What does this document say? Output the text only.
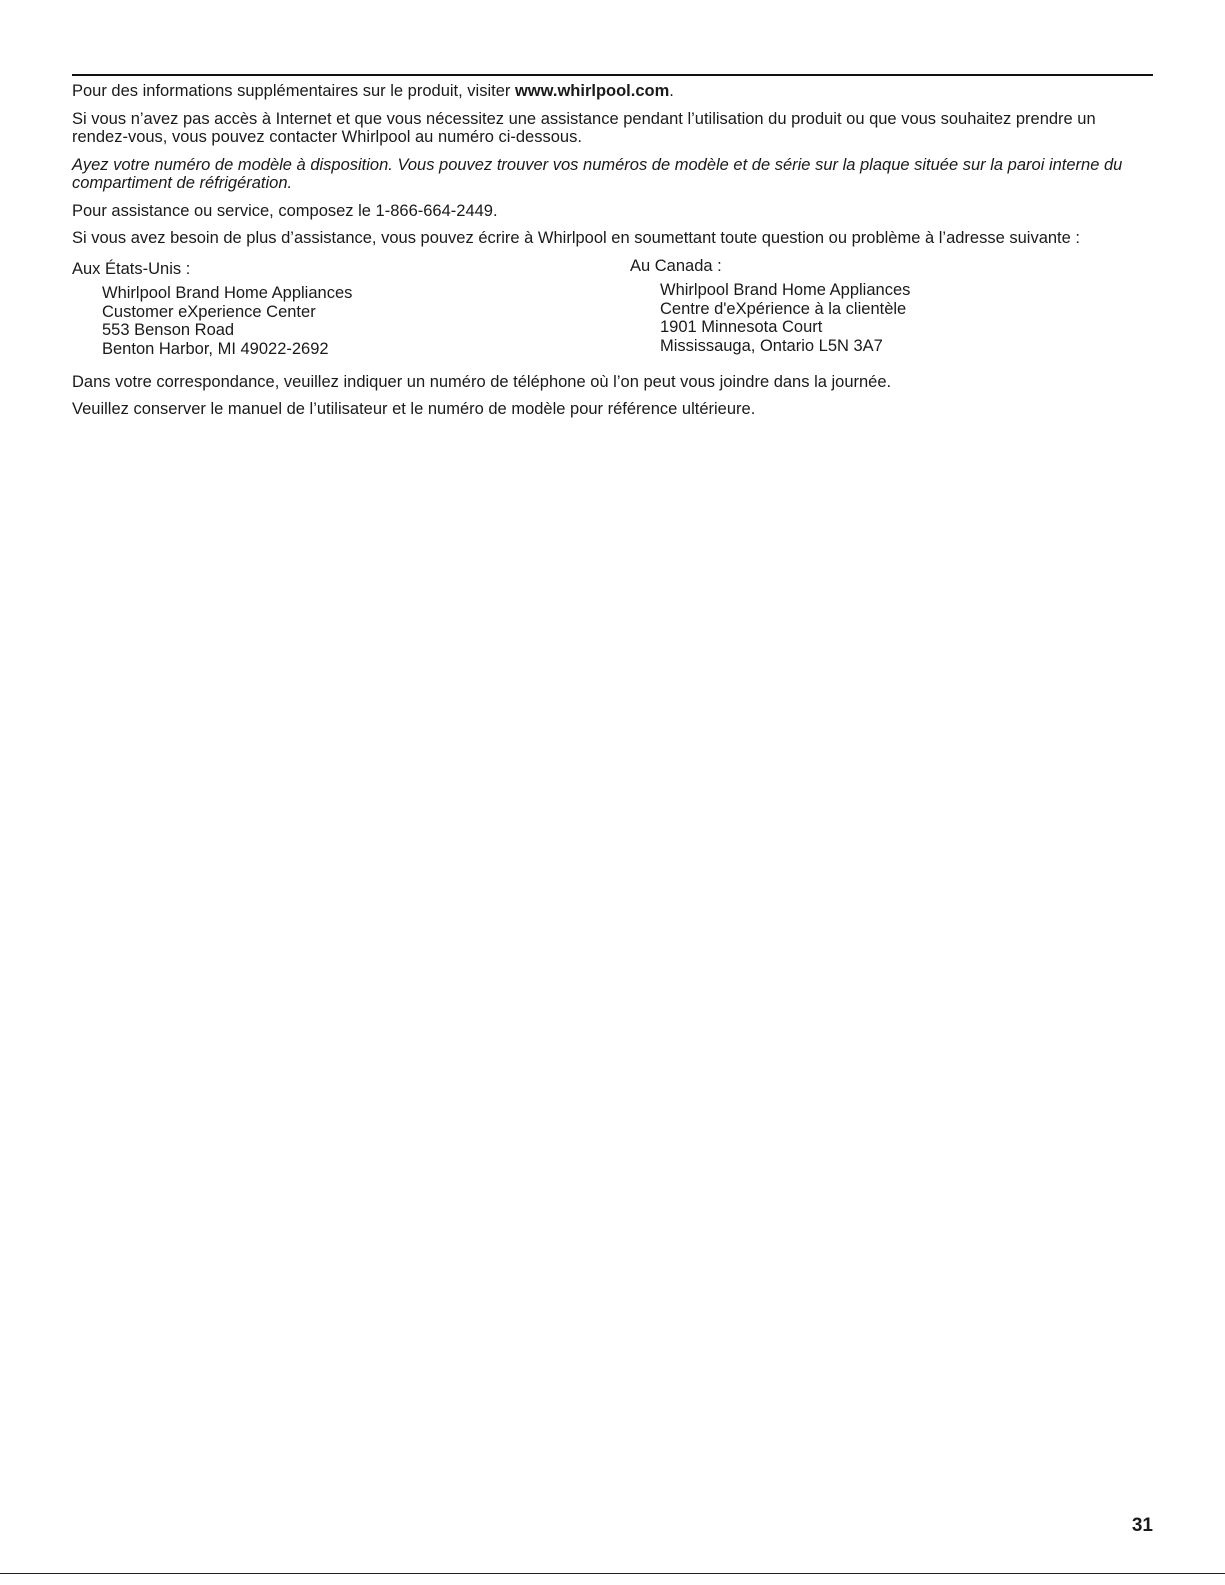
Pour des informations supplémentaires sur le produit, visiter www.whirlpool.com.

Si vous n’avez pas accès à Internet et que vous nécessitez une assistance pendant l’utilisation du produit ou que vous souhaitez prendre un rendez-vous, vous pouvez contacter Whirlpool au numéro ci-dessous.

Ayez votre numéro de modèle à disposition. Vous pouvez trouver vos numéros de modèle et de série sur la plaque située sur la paroi interne du compartiment de réfrigération.

Pour assistance ou service, composez le 1-866-664-2449.

Si vous avez besoin de plus d’assistance, vous pouvez écrire à Whirlpool en soumettant toute question ou problème à l’adresse suivante :

Aux États-Unis :

Whirlpool Brand Home Appliances
Customer eXperience Center
553 Benson Road
Benton Harbor, MI 49022-2692

Au Canada :

Whirlpool Brand Home Appliances
Centre d'eXpérience à la clientèle
1901 Minnesota Court
Mississauga, Ontario L5N 3A7

Dans votre correspondance, veuillez indiquer un numéro de téléphone où l’on peut vous joindre dans la journée.

Veuillez conserver le manuel de l’utilisateur et le numéro de modèle pour référence ultérieure.

31
